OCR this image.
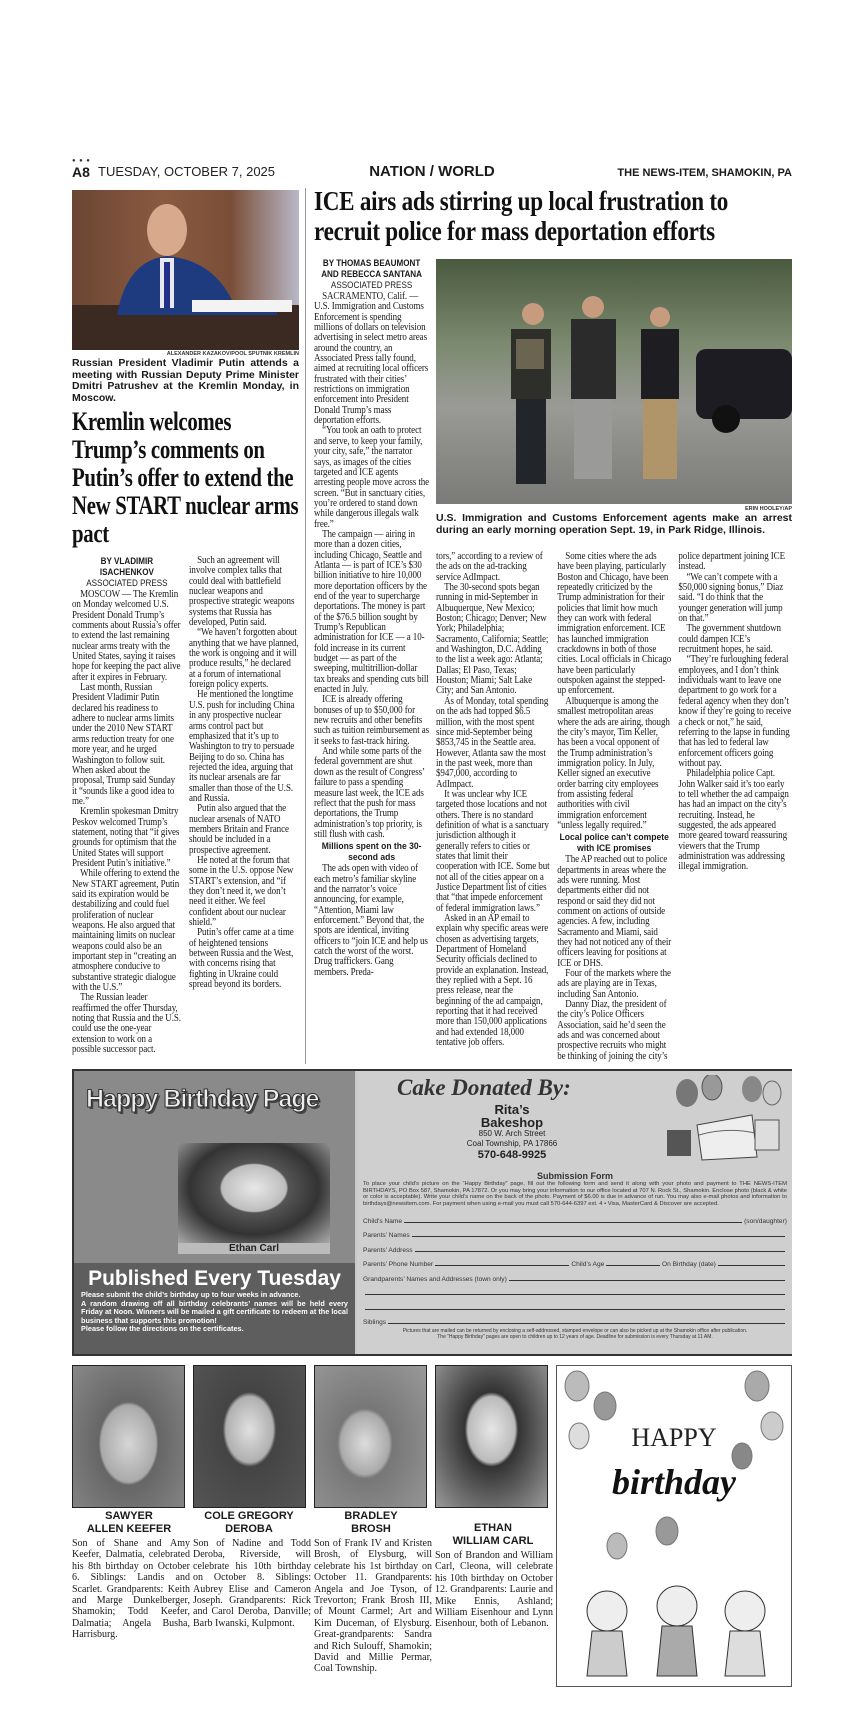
● ● ●
A8 TUESDAY, OCTOBER 7, 2025	NATION / WORLD	THE NEWS-ITEM, SHAMOKIN, PA
ALEXANDER KAZAKOV/POOL SPUTNIK KREMLIN
Russian President Vladimir Putin attends a meeting with Russian Deputy Prime Minister Dmitri Patrushev at the Kremlin Monday, in Moscow.
Kremlin welcomes Trump’s comments on Putin’s offer to extend the New START nuclear arms pact
BY VLADIMIR ISACHENKOV
ASSOCIATED PRESS

MOSCOW — The Kremlin on Monday welcomed U.S. President Donald Trump’s comments about Russia’s offer to extend the last remaining nuclear arms treaty with the United States, saying it raises hope for keeping the pact alive after it expires in February.

Last month, Russian President Vladimir Putin declared his readiness to adhere to nuclear arms limits under the 2010 New START arms reduction treaty for one more year, and he urged Washington to follow suit. When asked about the proposal, Trump said Sunday it “sounds like a good idea to me.”

Kremlin spokesman Dmitry Peskov welcomed Trump’s statement, noting that “it gives grounds for optimism that the United States will support President Putin’s initiative.”

While offering to extend the New START agreement, Putin said its expiration would be destabilizing and could fuel proliferation of nuclear weapons. He also argued that maintaining limits on nuclear weapons could also be an important step in “creating an atmosphere conducive to substantive strategic dialogue with the U.S.”

The Russian leader reaffirmed the offer Thursday, noting that Russia and the U.S. could use the one-year extension to work on a possible successor pact.

Such an agreement will involve complex talks that could deal with battlefield nuclear weapons and prospective strategic weapons systems that Russia has developed, Putin said.

“We haven’t forgotten about anything that we have planned, the work is ongoing and it will produce results,” he declared at a forum of international foreign policy experts.

He mentioned the longtime U.S. push for including China in any prospective nuclear arms control pact but emphasized that it’s up to Washington to try to persuade Beijing to do so. China has rejected the idea, arguing that its nuclear arsenals are far smaller than those of the U.S. and Russia.

Putin also argued that the nuclear arsenals of NATO members Britain and France should be included in a prospective agreement.

He noted at the forum that some in the U.S. oppose New START’s extension, and “if they don’t need it, we don’t need it either. We feel confident about our nuclear shield.”

Putin’s offer came at a time of heightened tensions between Russia and the West, with concerns rising that fighting in Ukraine could spread beyond its borders.

ICE airs ads stirring up local frustration to recruit police for mass deportation efforts
BY THOMAS BEAUMONT
AND REBECCA SANTANA
ASSOCIATED PRESS

SACRAMENTO, Calif. — U.S. Immigration and Customs Enforcement is spending millions of dollars on television advertising in select metro areas around the country, an Associated Press tally found, aimed at recruiting local officers frustrated with their cities’ restrictions on immigration enforcement into President Donald Trump’s mass deportation efforts.

“You took an oath to protect and serve, to keep your family, your city, safe,” the narrator says, as images of the cities targeted and ICE agents arresting people move across the screen. “But in sanctuary cities, you’re ordered to stand down while dangerous illegals walk free.”

The campaign — airing in more than a dozen cities, including Chicago, Seattle and Atlanta — is part of ICE’s $30 billion initiative to hire 10,000 more deportation officers by the end of the year to supercharge deportations. The money is part of the $76.5 billion sought by Trump’s Republican administration for ICE — a 10-fold increase in its current budget — as part of the sweeping, multitrillion-dollar tax breaks and spending cuts bill enacted in July.

ICE is already offering bonuses of up to $50,000 for new recruits and other benefits such as tuition reimbursement as it seeks to fast-track hiring.

And while some parts of the federal government are shut down as the result of Congress’ failure to pass a spending measure last week, the ICE ads reflect that the push for mass deportations, the Trump administration’s top priority, is still flush with cash.

Millions spent on the 30-second ads

The ads open with video of each metro’s familiar skyline and the narrator’s voice announcing, for example, “Attention, Miami law enforcement.” Beyond that, the spots are identical, inviting officers to “join ICE and help us catch the worst of the worst. Drug traffickers. Gang members. Preda-

ERIN HOOLEY/AP
U.S. Immigration and Customs Enforcement agents make an arrest during an early morning operation Sept. 19, in Park Ridge, Illinois.

tors,” according to a review of the ads on the ad-tracking service AdImpact.

The 30-second spots began running in mid-September in Albuquerque, New Mexico; Boston; Chicago; Denver; New York; Philadelphia; Sacramento, California; Seattle; and Washington, D.C. Adding to the list a week ago: Atlanta; Dallas; El Paso, Texas; Houston; Miami; Salt Lake City; and San Antonio.

As of Monday, total spending on the ads had topped $6.5 million, with the most spent since mid-September being $853,745 in the Seattle area. However, Atlanta saw the most in the past week, more than $947,000, according to AdImpact.

It was unclear why ICE targeted those locations and not others. There is no standard definition of what is a sanctuary jurisdiction although it generally refers to cities or states that limit their cooperation with ICE. Some but not all of the cities appear on a Justice Department list of cities that “that impede enforcement of federal immigration laws.”

Asked in an AP email to explain why specific areas were chosen as advertising targets, Department of Homeland Security officials declined to provide an explanation. Instead, they replied with a Sept. 16 press release, near the beginning of the ad campaign, reporting that it had received more than 150,000 applications and had extended 18,000 tentative job offers.

Some cities where the ads have been playing, particularly Boston and Chicago, have been repeatedly criticized by the Trump administration for their policies that limit how much they can work with federal immigration enforcement. ICE has launched immigration crackdowns in both of those cities. Local officials in Chicago have been particularly outspoken against the stepped-up enforcement.

Albuquerque is among the smallest metropolitan areas where the ads are airing, though the city’s mayor, Tim Keller, has been a vocal opponent of the Trump administration’s immigration policy. In July, Keller signed an executive order barring city employees from assisting federal authorities with civil immigration enforcement “unless legally required.”

Local police can’t compete with ICE promises

The AP reached out to police departments in areas where the ads were running. Most departments either did not respond or said they did not comment on actions of outside agencies. A few, including Sacramento and Miami, said they had not noticed any of their officers leaving for positions at ICE or DHS.

Four of the markets where the ads are playing are in Texas, including San Antonio.

Danny Diaz, the president of the city’s Police Officers Association, said he’d seen the ads and was concerned about prospective recruits who might be thinking of joining the city’s police department joining ICE instead.

“We can’t compete with a $50,000 signing bonus,” Diaz said. “I do think that the younger generation will jump on that.”

The government shutdown could dampen ICE’s recruitment hopes, he said.

“They’re furloughing federal employees, and I don’t think individuals want to leave one department to go work for a federal agency when they don’t know if they’re going to receive a check or not,” he said, referring to the lapse in funding that has led to federal law enforcement officers going without pay.

Philadelphia police Capt. John Walker said it’s too early to tell whether the ad campaign has had an impact on the city’s recruiting. Instead, he suggested, the ads appeared more geared toward reassuring viewers that the Trump administration was addressing illegal immigration.

Happy Birthday Page
Ethan Carl
Published Every Tuesday

Please submit the child’s birthday up to four weeks in advance.

A random drawing off all birthday celebrants’ names will be held every Friday at Noon. Winners will be mailed a gift certificate to redeem at the local business that supports this promotion!

Please follow the directions on the certificates.

Cake Donated By:
Rita’s
Bakeshop
850 W. Arch Street
Coal Township, PA 17866
570-648-9925
Submission Form
To place your child’s picture on the “Happy Birthday” page, fill out the following form and send it along with your photo and payment to THE NEWS-ITEM BIRTHDAYS, PO Box 587, Shamokin, PA 17872. Or you may bring your information to our office located at 707 N. Rock St., Shamokin. Enclose photo (black & white or color is acceptable). Write your child’s name on the back of the photo. Payment of $6.00 is due in advance of run. You may also e-mail photos and information to birthdays@newsitem.com. For payment when using e-mail you must call 570-644-6397 ext. 4 • Visa, MasterCard & Discover are accepted.
Child’s Name	(son/daughter)
Parents’ Names
Parents’ Address
Parents’ Phone Number	Child’s Age	On Birthday (date)
Grandparents’ Names and Addresses (town only)
Siblings
Pictures that are mailed can be returned by enclosing a self-addressed, stamped envelope or can also be picked up at the Shamokin office after publication.
The “Happy Birthday” pages are open to children up to 12 years of age. Deadline for submission is every Thursday at 11 AM.
SAWYER
ALLEN KEEFER
COLE GREGORY
DEROBA
BRADLEY
BROSH	ETHAN
WILLIAM CARL
Son of Shane and Amy Keefer, Dalmatia, celebrated his 8th birthday on October 6. Siblings: Landis and Scarlet. Grandparents: Keith and Marge Dunkelberger, Shamokin; Todd Keefer, Dalmatia; Angela Busha, Harrisburg.
Son of Nadine and Todd Deroba, Riverside, will celebrate his 10th birthday on October 8. Siblings: Aubrey Elise and Cameron Joseph. Grandparents: Rick and Carol Deroba, Danville; Barb Iwanski, Kulpmont.
Son of Frank IV and Kristen Brosh, of Elysburg, will celebrate his 1st birthday on October 11. Grandparents: Angela and Joe Tyson, of Trevorton; Frank Brosh III, of Mount Carmel; Art and Kim Duceman, of Elysburg. Great-grandparents: Sandra and Rich Sulouff, Shamokin; David and Millie Permar, Coal Township.
Son of Brandon and William Carl, Cleona, will celebrate his 10th birthday on October 12. Grandparents: Laurie and Mike Ennis, Ashland; William Eisenhour and Lynn Eisenhour, both of Lebanon.
HAPPY
birthday
